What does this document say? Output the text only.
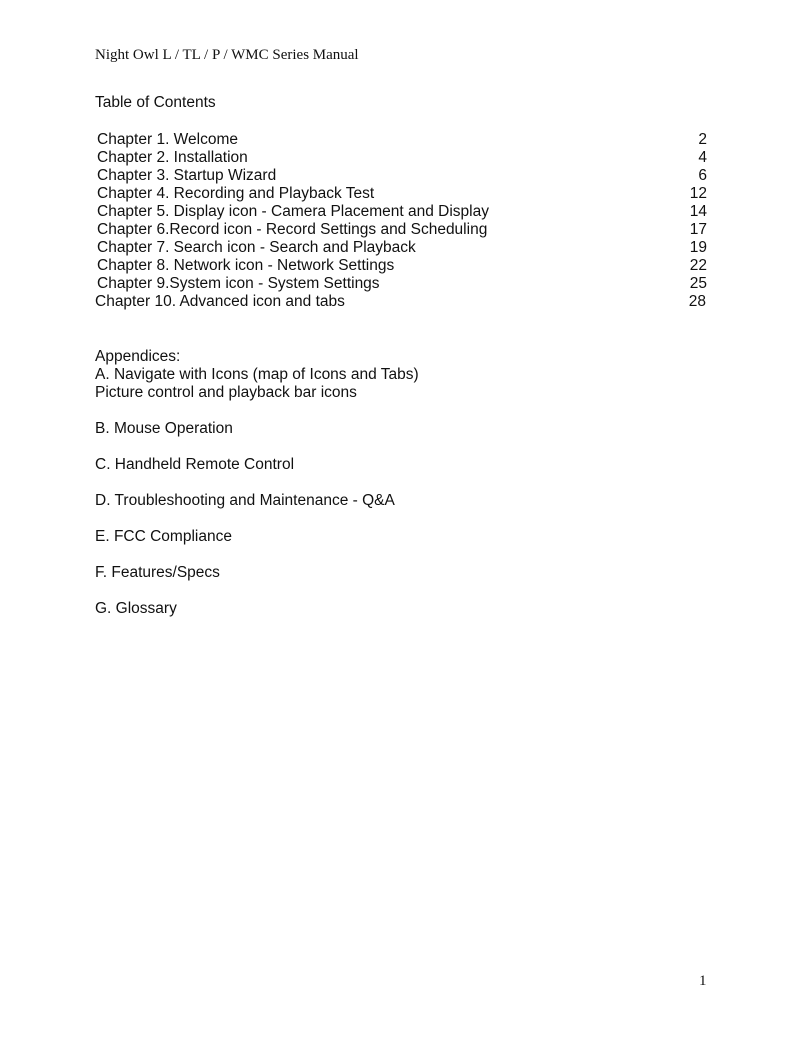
Night Owl L / TL / P / WMC Series Manual
Table of Contents
Chapter 1. Welcome	2
Chapter 2. Installation	4
Chapter 3. Startup Wizard	6
Chapter 4. Recording and Playback Test	12
Chapter 5. Display icon - Camera Placement and Display	14
Chapter 6.Record icon - Record Settings and Scheduling	17
Chapter 7. Search icon - Search and Playback	19
Chapter 8. Network icon - Network Settings	22
Chapter 9.System icon - System Settings	25
Chapter 10. Advanced icon and tabs	28
Appendices:
A. Navigate with Icons (map of Icons and Tabs)
Picture control and playback bar icons
B. Mouse Operation
C. Handheld Remote Control
D. Troubleshooting and Maintenance - Q&A
E. FCC Compliance
F. Features/Specs
G. Glossary
1
